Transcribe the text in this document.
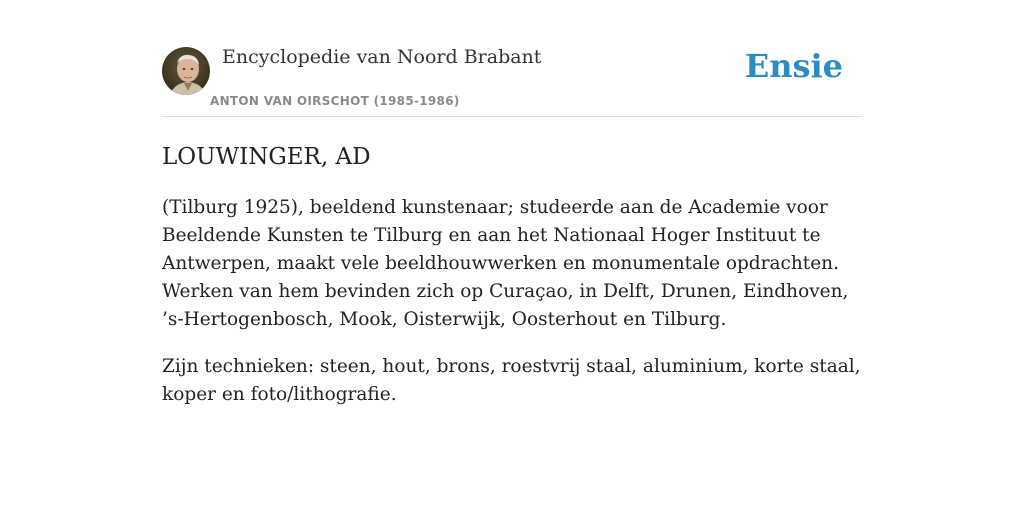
Encyclopedie van Noord Brabant
ANTON VAN OIRSCHOT (1985-1986)
Ensie
LOUWINGER, AD

(Tilburg 1925), beeldend kunstenaar; studeerde aan de Academie voor Beeldende Kunsten te Tilburg en aan het Nationaal Hoger Instituut te Antwerpen, maakt vele beeldhouwwerken en monumentale opdrachten. Werken van hem bevinden zich op Curaçao, in Delft, Drunen, Eindhoven, ’s-Hertogenbosch, Mook, Oisterwijk, Oosterhout en Tilburg.

Zijn technieken: steen, hout, brons, roestvrij staal, aluminium, korte staal, koper en foto/lithografie.
